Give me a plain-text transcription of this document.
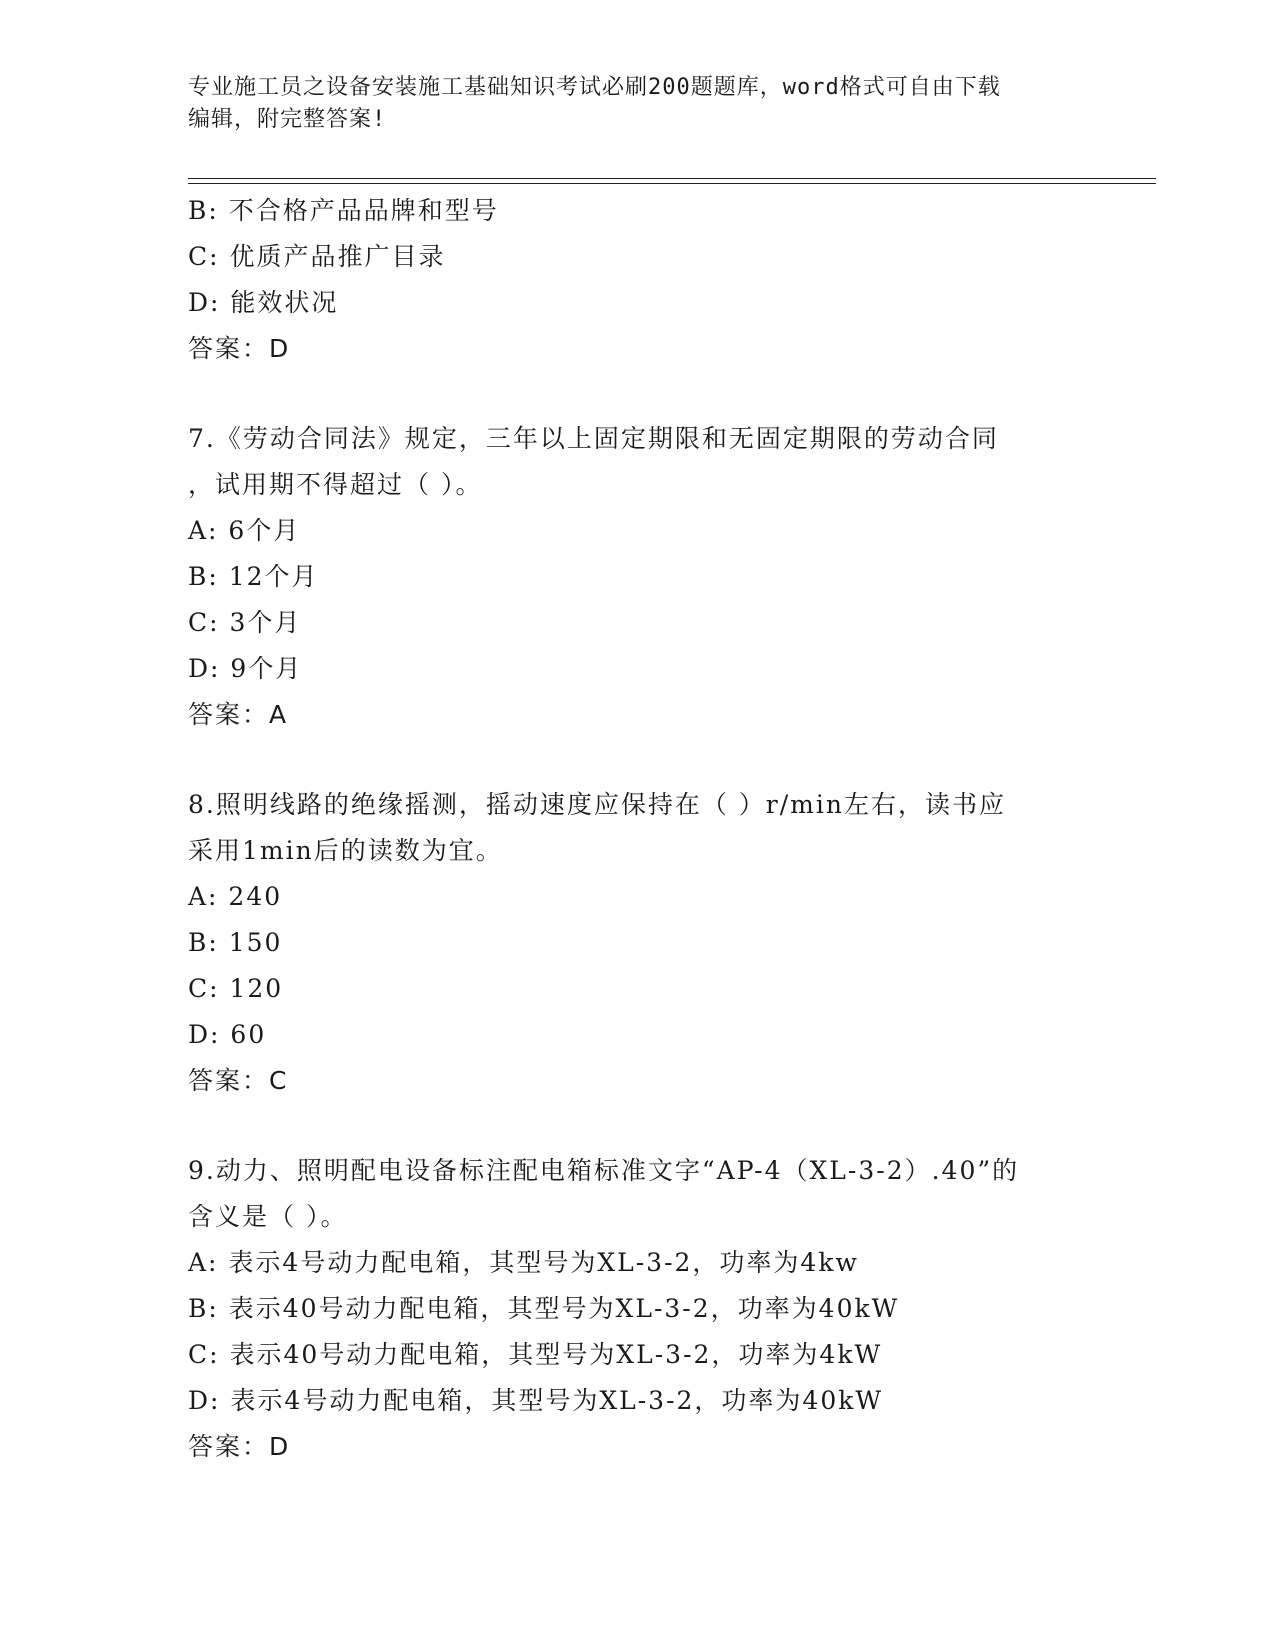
专业施工员之设备安装施工基础知识考试必刷200题题库，word格式可自由下载
编辑，附完整答案!
B: 不合格产品品牌和型号
C: 优质产品推广目录
D: 能效状况
答案：D
7.《劳动合同法》规定，三年以上固定期限和无固定期限的劳动合同
，试用期不得超过（ ）。
A: 6个月
B: 12个月
C: 3个月
D: 9个月
答案：A
8.照明线路的绝缘摇测，摇动速度应保持在（ ）r/min左右，读书应
采用1min后的读数为宜。
A: 240
B: 150
C: 120
D: 60
答案：C
9.动力、照明配电设备标注配电箱标准文字“AP-4（XL-3-2）.40”的
含义是（ ）。
A: 表示4号动力配电箱，其型号为XL-3-2，功率为4kw
B: 表示40号动力配电箱，其型号为XL-3-2，功率为40kW
C: 表示40号动力配电箱，其型号为XL-3-2，功率为4kW
D: 表示4号动力配电箱，其型号为XL-3-2，功率为40kW
答案：D
